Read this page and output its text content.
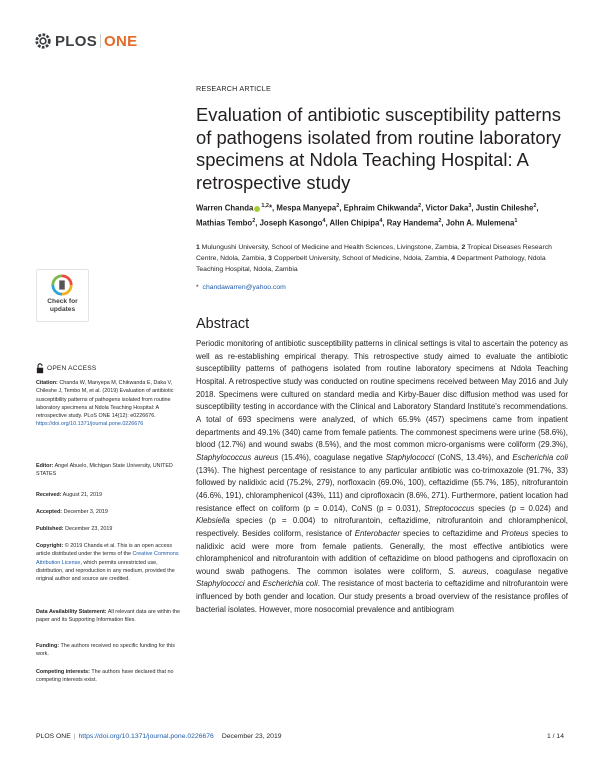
PLOS ONE
RESEARCH ARTICLE
Evaluation of antibiotic susceptibility patterns of pathogens isolated from routine laboratory specimens at Ndola Teaching Hospital: A retrospective study
Warren Chanda $^{1,2}$*, Mespa Manyepa$^2$, Ephraim Chikwanda$^2$, Victor Daka$^3$, Justin Chileshe$^2$, Mathias Tembo$^2$, Joseph Kasongo$^4$, Allen Chipipa$^4$, Ray Handema$^2$, John A. Mulemena$^1$
1 Mulungushi University, School of Medicine and Health Sciences, Livingstone, Zambia, 2 Tropical Diseases Research Centre, Ndola, Zambia, 3 Copperbelt University, School of Medicine, Ndola, Zambia, 4 Department Pathology, Ndola Teaching Hospital, Ndola, Zambia
* chandawarren@yahoo.com
Abstract
Periodic monitoring of antibiotic susceptibility patterns in clinical settings is vital to ascertain the potency as well as re-establishing empirical therapy. This retrospective study aimed to evaluate the antibiotic susceptibility patterns of pathogens isolated from routine laboratory specimens at Ndola Teaching Hospital. A retrospective study was conducted on routine specimens received between May 2016 and July 2018. Specimens were cultured on standard media and Kirby-Bauer disc diffusion method was used for susceptibility testing in accordance with the Clinical and Laboratory Standard Institute's recommendations. A total of 693 specimens were analyzed, of which 65.9% (457) specimens came from inpatient departments and 49.1% (340) came from female patients. The commonest specimens were urine (58.6%), blood (12.7%) and wound swabs (8.5%), and the most common micro-organisms were coliform (29.3%), Staphylococcus aureus (15.4%), coagulase negative Staphylococci (CoNS, 13.4%), and Escherichia coli (13%). The highest percentage of resistance to any particular antibiotic was co-trimoxazole (91.7%, 33) followed by nalidixic acid (75.2%, 279), norfloxacin (69.0%, 100), ceftazidime (55.7%, 185), nitrofurantoin (46.6%, 191), chloramphenicol (43%, 111) and ciprofloxacin (8.6%, 271). Furthermore, patient location had resistance effect on coliform (p = 0.014), CoNS (p = 0.031), Streptococcus species (p = 0.024) and Klebsiella species (p = 0.004) to nitrofurantoin, ceftazidime, nitrofurantoin and chloramphenicol, respectively. Besides coliform, resistance of Enterobacter species to ceftazidime and Proteus species to nalidixic acid were more from female patients. Generally, the most effective antibiotics were chloramphenicol and nitrofurantoin with addition of ceftazidime on blood pathogens and ciprofloxacin on wound swab pathogens. The common isolates were coliform, S. aureus, coagulase negative Staphylococci and Escherichia coli. The resistance of most bacteria to ceftazidime and nitrofurantoin were influenced by both gender and location. Our study presents a broad overview of the resistance profiles of bacterial isolates. However, more nosocomial prevalence and antibiogram
Check for
updates
OPEN ACCESS
Citation: Chanda W, Manyepa M, Chikwanda E, Daka V, Chileshe J, Tembo M, et al. (2019) Evaluation of antibiotic susceptibility patterns of pathogens isolated from routine laboratory specimens at Ndola Teaching Hospital: A retrospective study. PLoS ONE 14(12): e0226676. https://doi.org/10.1371/journal.pone.0226676
Editor: Angel Abuelo, Michigan State University, UNITED STATES
Received: August 21, 2019
Accepted: December 3, 2019
Published: December 23, 2019
Copyright: © 2019 Chanda et al. This is an open access article distributed under the terms of the Creative Commons Attribution License, which permits unrestricted use, distribution, and reproduction in any medium, provided the original author and source are credited.
Data Availability Statement: All relevant data are within the paper and its Supporting Information files.
Funding: The authors received no specific funding for this work.
Competing interests: The authors have declared that no competing interests exist.
PLOS ONE | https://doi.org/10.1371/journal.pone.0226676 December 23, 2019	1 / 14
